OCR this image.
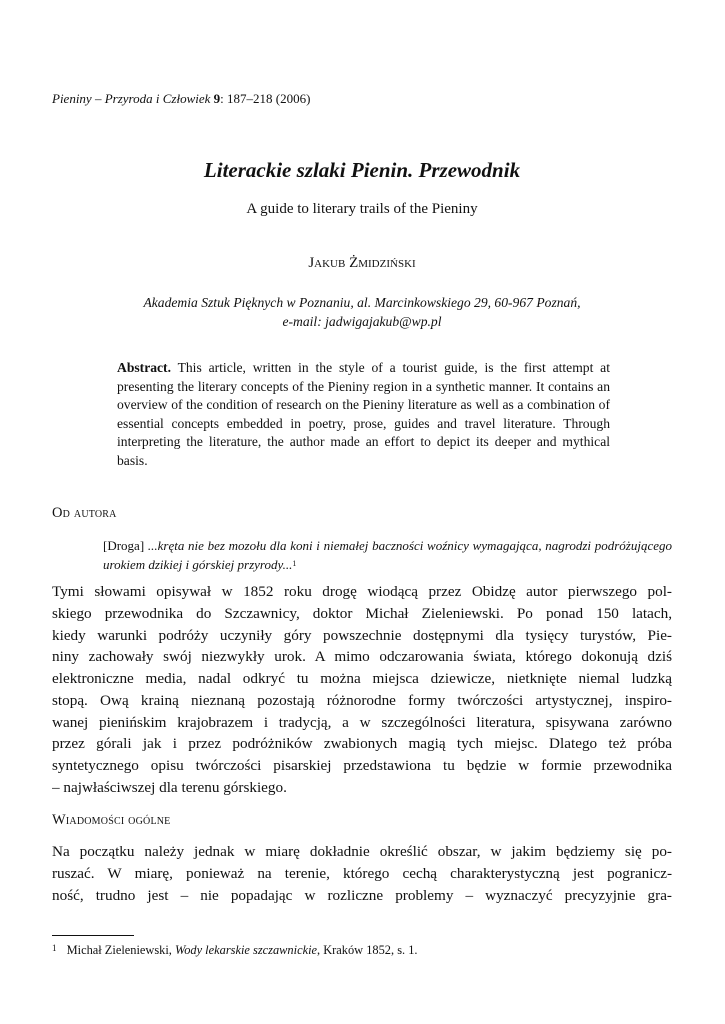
Pieniny – Przyroda i Człowiek 9: 187–218 (2006)
Literackie szlaki Pienin. Przewodnik
A guide to literary trails of the Pieniny
Jakub Żmidziński
Akademia Sztuk Pięknych w Poznaniu, al. Marcinkowskiego 29, 60-967 Poznań,
e-mail: jadwigajakub@wp.pl
Abstract. This article, written in the style of a tourist guide, is the first attempt at presenting the literary concepts of the Pieniny region in a synthetic manner. It contains an overview of the condition of research on the Pieniny literature as well as a combination of essential concepts embedded in poetry, prose, guides and travel literature. Through interpreting the literature, the author made an effort to depict its deeper and mythical basis.
Od autora
[Droga] ...kręta nie bez mozołu dla koni i niemałej baczności woźnicy wymagająca, nagrodzi podróżującego urokiem dzikiej i górskiej przyrody...$^1$
Tymi słowami opisywał w 1852 roku drogę wiodącą przez Obidzę autor pierwszego pol-
skiego przewodnika do Szczawnicy, doktor Michał Zieleniewski. Po ponad 150 latach,
kiedy warunki podróży uczyniły góry powszechnie dostępnymi dla tysięcy turystów, Pie-
niny zachowały swój niezwykły urok. A mimo odczarowania świata, którego dokonują dziś
elektroniczne media, nadal odkryć tu można miejsca dziewicze, nietknięte niemal ludzką
stopą. Ową krainą nieznaną pozostają różnorodne formy twórczości artystycznej, inspiro-
wanej pienińskim krajobrazem i tradycją, a w szczególności literatura, spisywana zarówno
przez górali jak i przez podróżników zwabionych magią tych miejsc. Dlatego też próba
syntetycznego opisu twórczości pisarskiej przedstawiona tu będzie w formie przewodnika
– najwłaściwszej dla terenu górskiego.
Wiadomości ogólne
Na początku należy jednak w miarę dokładnie określić obszar, w jakim będziemy się po-
ruszać. W miarę, ponieważ na terenie, którego cechą charakterystyczną jest pogranicz-
ność, trudno jest – nie popadając w rozliczne problemy – wyznaczyć precyzyjnie gra-
$^1$ Michał Zieleniewski, Wody lekarskie szczawnickie, Kraków 1852, s. 1.
